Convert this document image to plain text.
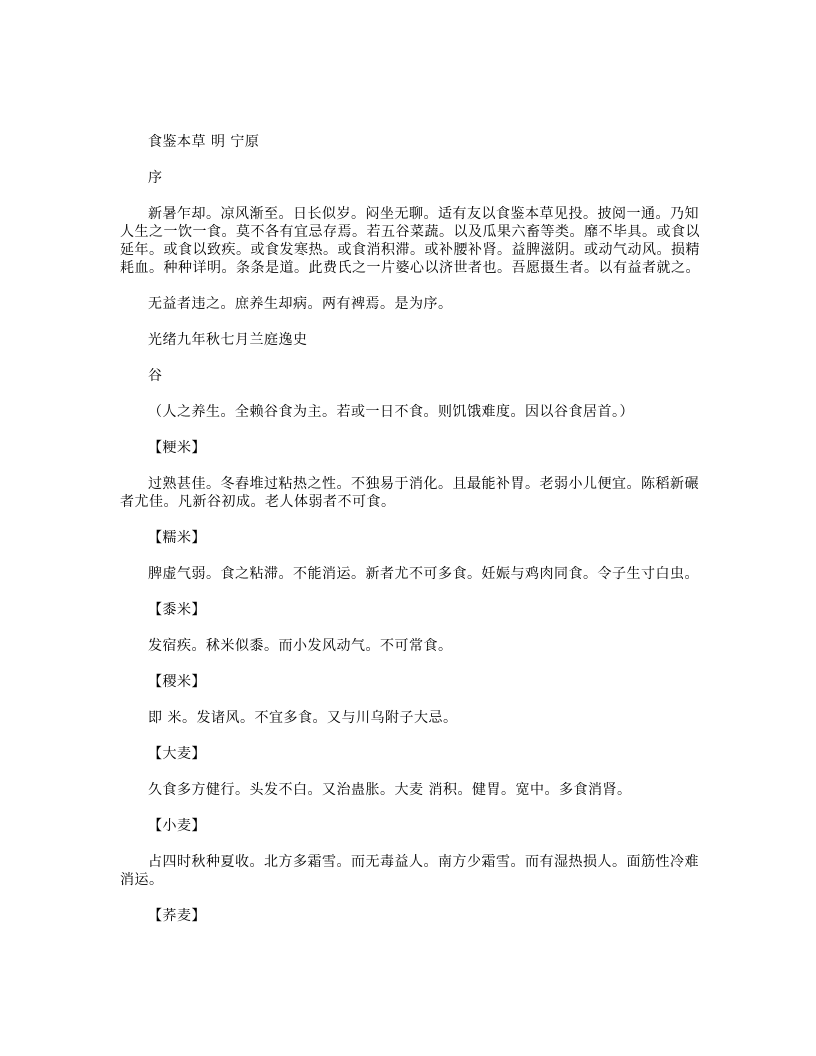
食鉴本草 明 宁原

序

新暑乍却。凉风渐至。日长似岁。闷坐无聊。适有友以食鉴本草见投。披阅一通。乃知人生之一饮一食。莫不各有宜忌存焉。若五谷菜蔬。以及瓜果六畜等类。靡不毕具。或食以延年。或食以致疾。或食发寒热。或食消积滞。或补腰补肾。益脾滋阴。或动气动风。损精耗血。种种详明。条条是道。此费氏之一片婆心以济世者也。吾愿摄生者。以有益者就之。

无益者违之。庶养生却病。两有裨焉。是为序。

光绪九年秋七月兰庭逸史

谷

（人之养生。全赖谷食为主。若或一日不食。则饥饿难度。因以谷食居首。）

【粳米】

过熟甚佳。冬舂堆过粘热之性。不独易于消化。且最能补胃。老弱小儿便宜。陈稻新碾者尤佳。凡新谷初成。老人体弱者不可食。

【糯米】

脾虚气弱。食之粘滞。不能消运。新者尤不可多食。妊娠与鸡肉同食。令子生寸白虫。

【黍米】

发宿疾。秫米似黍。而小发风动气。不可常食。

【稷米】

即 米。发诸风。不宜多食。又与川乌附子大忌。

【大麦】

久食多方健行。头发不白。又治蛊胀。大麦 消积。健胃。宽中。多食消肾。

【小麦】

占四时秋种夏收。北方多霜雪。而无毒益人。南方少霜雪。而有湿热损人。面筋性冷难消运。

【荞麦】
